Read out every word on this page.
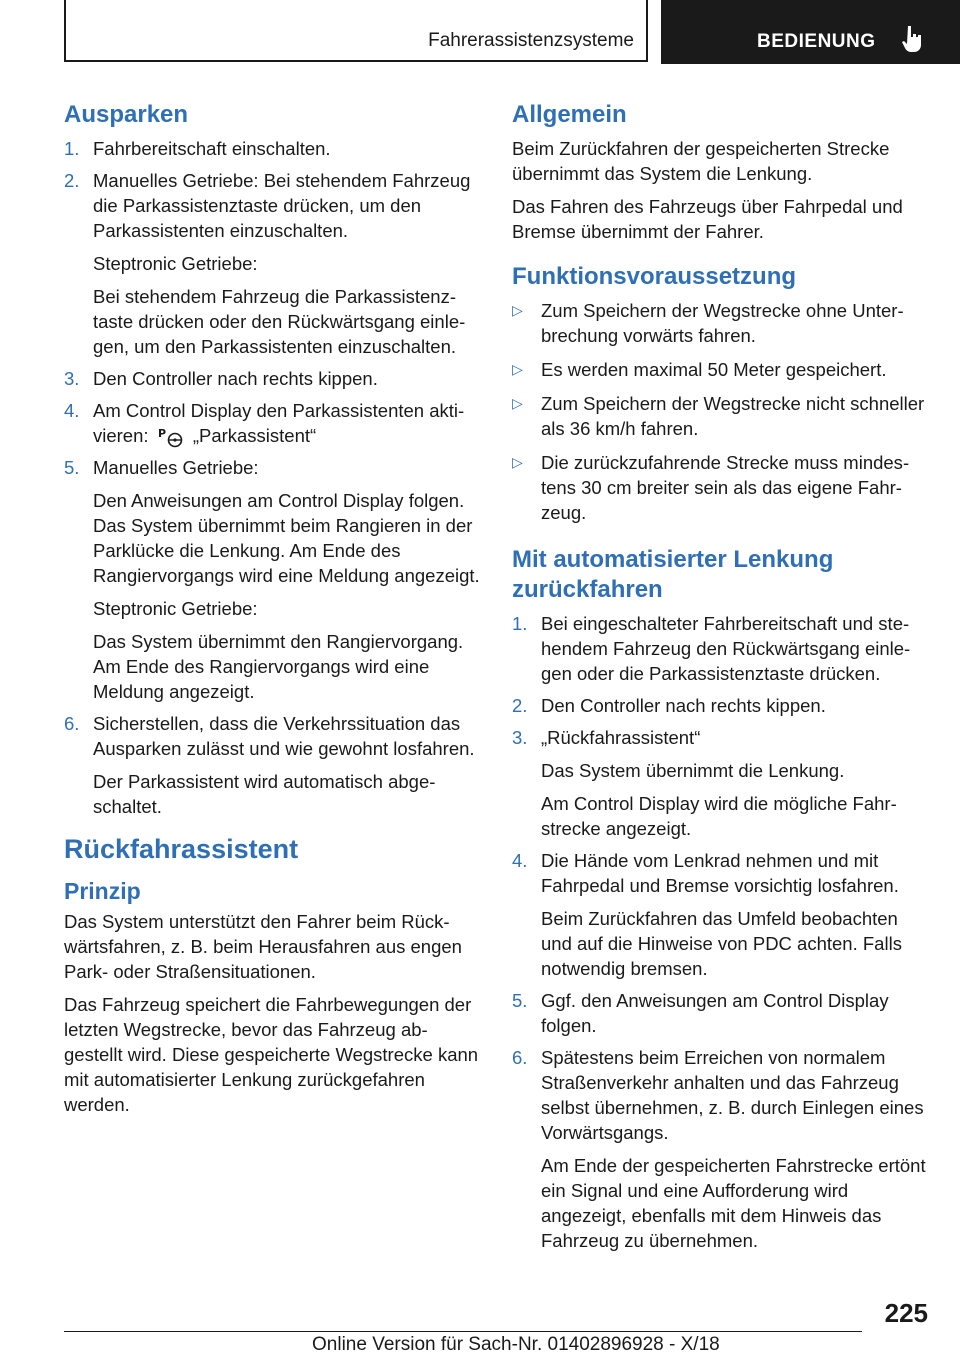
Fahrerassistenzsysteme	BEDIENUNG
Ausparken
1. Fahrbereitschaft einschalten.
2. Manuelles Getriebe: Bei stehendem Fahrzeug die Parkassistenztaste drücken, um den Parkassistenten einzuschalten.
Steptronic Getriebe:
Bei stehendem Fahrzeug die Parkassistenztaste drücken oder den Rückwärtsgang einlegen, um den Parkassistenten einzuschalten.
3. Den Controller nach rechts kippen.
4. Am Control Display den Parkassistenten aktivieren: P „Parkassistent“
5. Manuelles Getriebe:
Den Anweisungen am Control Display folgen. Das System übernimmt beim Rangieren in der Parklücke die Lenkung. Am Ende des Rangiervorgangs wird eine Meldung angezeigt.
Steptronic Getriebe:
Das System übernimmt den Rangiervorgang. Am Ende des Rangiervorgangs wird eine Meldung angezeigt.
6. Sicherstellen, dass die Verkehrssituation das Ausparken zulässt und wie gewohnt losfahren.
Der Parkassistent wird automatisch abgeschaltet.
Rückfahrassistent
Prinzip

Das System unterstützt den Fahrer beim Rückwärtsfahren, z. B. beim Herausfahren aus engen Park- oder Straßensituationen.

Das Fahrzeug speichert die Fahrbewegungen der letzten Wegstrecke, bevor das Fahrzeug abgestellt wird. Diese gespeicherte Wegstrecke kann mit automatisierter Lenkung zurückgefahren werden.

Allgemein

Beim Zurückfahren der gespeicherten Strecke übernimmt das System die Lenkung.

Das Fahren des Fahrzeugs über Fahrpedal und Bremse übernimmt der Fahrer.

Funktionsvoraussetzung
▷ Zum Speichern der Wegstrecke ohne Unterbrechung vorwärts fahren.
▷ Es werden maximal 50 Meter gespeichert.
▷ Zum Speichern der Wegstrecke nicht schneller als 36 km/h fahren.
▷ Die zurückzufahrende Strecke muss mindestens 30 cm breiter sein als das eigene Fahrzeug.
Mit automatisierter Lenkung zurückfahren
1. Bei eingeschalteter Fahrbereitschaft und stehendem Fahrzeug den Rückwärtsgang einlegen oder die Parkassistenztaste drücken.
2. Den Controller nach rechts kippen.
3. „Rückfahrassistent“
Das System übernimmt die Lenkung.
Am Control Display wird die mögliche Fahrstrecke angezeigt.
4. Die Hände vom Lenkrad nehmen und mit Fahrpedal und Bremse vorsichtig losfahren.
Beim Zurückfahren das Umfeld beobachten und auf die Hinweise von PDC achten. Falls notwendig bremsen.
5. Ggf. den Anweisungen am Control Display folgen.
6. Spätestens beim Erreichen von normalem Straßenverkehr anhalten und das Fahrzeug selbst übernehmen, z. B. durch Einlegen eines Vorwärtsgangs.
Am Ende der gespeicherten Fahrstrecke ertönt ein Signal und eine Aufforderung wird angezeigt, ebenfalls mit dem Hinweis das Fahrzeug zu übernehmen.
225
Online Version für Sach-Nr. 01402896928 - X/18
